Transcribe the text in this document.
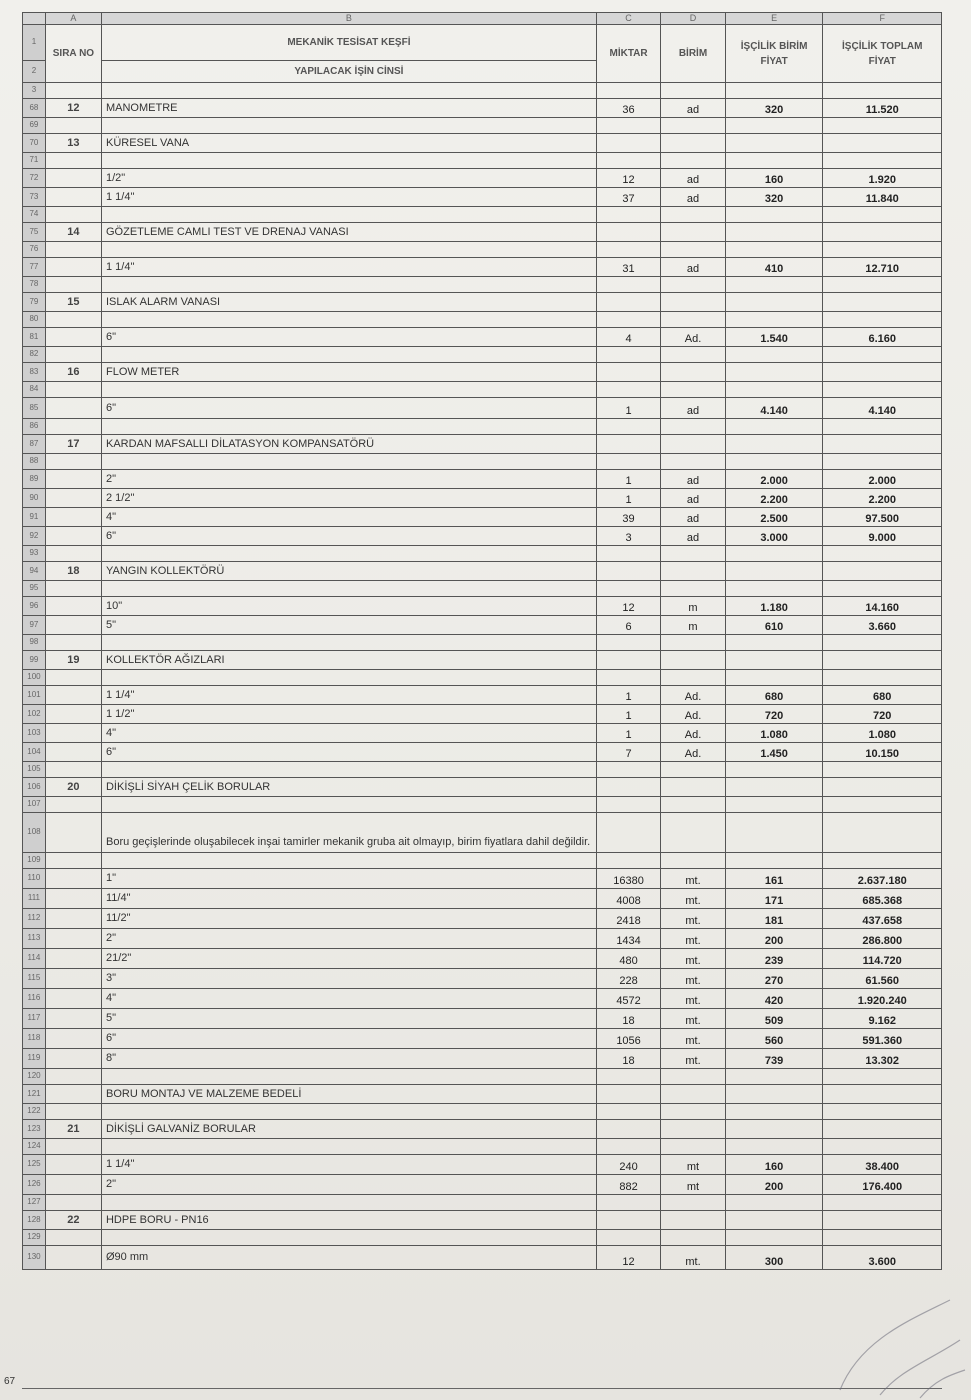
	A	B	C	D	E	F
1	SIRA NO	MEKANİK TESİSAT KEŞFİ	MİKTAR	BİRİM	İŞÇİLİK BİRİM FİYAT	İŞÇİLİK TOPLAM FİYAT
2		YAPILACAK İŞİN CİNSİ				
3						
68	12	MANOMETRE	36	ad	320	11.520
69						
70	13	KÜRESEL VANA				
71						
72		1/2"	12	ad	160	1.920
73		1 1/4"	37	ad	320	11.840
74						
75	14	GÖZETLEME CAMLI TEST VE DRENAJ VANASI				
76						
77		1 1/4"	31	ad	410	12.710
78						
79	15	ISLAK ALARM VANASI				
80						
81		6"	4	Ad.	1.540	6.160
82						
83	16	FLOW METER				
84						
85		6"	1	ad	4.140	4.140
86						
87	17	KARDAN MAFSALLI DİLATASYON KOMPANSATÖRÜ				
88						
89		2"	1	ad	2.000	2.000
90		2 1/2"	1	ad	2.200	2.200
91		4"	39	ad	2.500	97.500
92		6"	3	ad	3.000	9.000
93						
94	18	YANGIN KOLLEKTÖRÜ				
95						
96		10"	12	m	1.180	14.160
97		5"	6	m	610	3.660
98						
99	19	KOLLEKTÖR AĞIZLARI				
100						
101		1 1/4"	1	Ad.	680	680
102		1 1/2"	1	Ad.	720	720
103		4"	1	Ad.	1.080	1.080
104		6"	7	Ad.	1.450	10.150
105						
106	20	DİKİŞLİ SİYAH ÇELİK BORULAR				
107						
108		Boru geçişlerinde oluşabilecek inşai tamirler mekanik gruba ait olmayıp, birim fiyatlara dahil değildir.				
109						
110		1"	16380	mt.	161	2.637.180
111		11/4"	4008	mt.	171	685.368
112		11/2"	2418	mt.	181	437.658
113		2"	1434	mt.	200	286.800
114		21/2"	480	mt.	239	114.720
115		3"	228	mt.	270	61.560
116		4"	4572	mt.	420	1.920.240
117		5"	18	mt.	509	9.162
118		6"	1056	mt.	560	591.360
119		8"	18	mt.	739	13.302
120						
121		BORU MONTAJ VE MALZEME BEDELİ				
122						
123	21	DİKİŞLİ GALVANİZ BORULAR				
124						
125		1 1/4"	240	mt	160	38.400
126		2"	882	mt	200	176.400
127						
128	22	HDPE BORU - PN16				
129						
130		Ø90 mm	12	mt.	300	3.600
67
